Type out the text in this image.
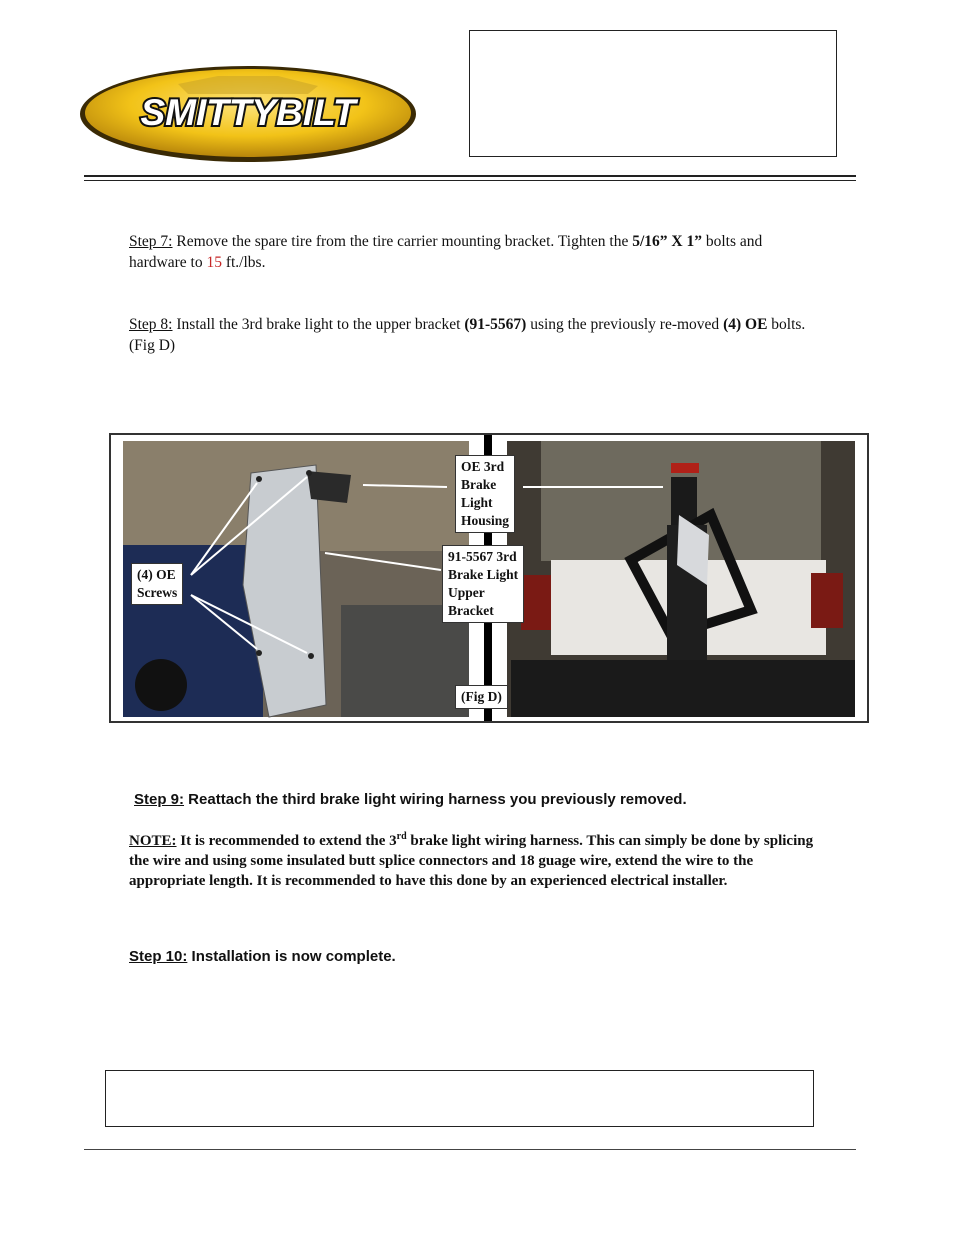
SMITTYBILT
Step 7: Remove the spare tire from the tire carrier mounting bracket. Tighten the 5/16” X 1” bolts and hardware to 15 ft./lbs.
Step 8: Install the 3rd brake light to the upper bracket (91-5567) using the previously re-moved (4) OE bolts. (Fig D)
OE 3rd
Brake
Light
Housing
91-5567 3rd
Brake Light
Upper
Bracket
(4) OE
Screws
(Fig D)
Step 9: Reattach the third brake light wiring harness you previously removed.
NOTE: It is recommended to extend the 3rd brake light wiring harness. This can simply be done by splicing the wire and using some insulated butt splice connectors and 18 guage wire, extend the wire to the appropriate length. It is recommended to have this done by an experienced electrical installer.
Step 10: Installation is now complete.
